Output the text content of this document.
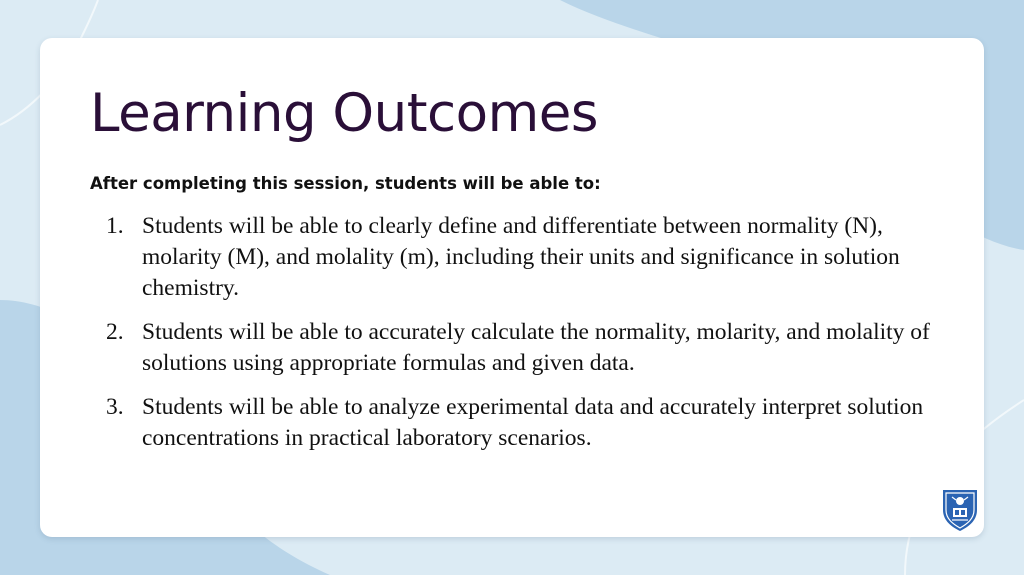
Learning Outcomes

After completing this session, students will be able to:

1. Students will be able to clearly define and differentiate between normality (N), molarity (M), and molality (m), including their units and significance in solution chemistry.
2. Students will be able to accurately calculate the normality, molarity, and molality of solutions using appropriate formulas and given data.
3. Students will be able to analyze experimental data and accurately interpret solution concentrations in practical laboratory scenarios.
